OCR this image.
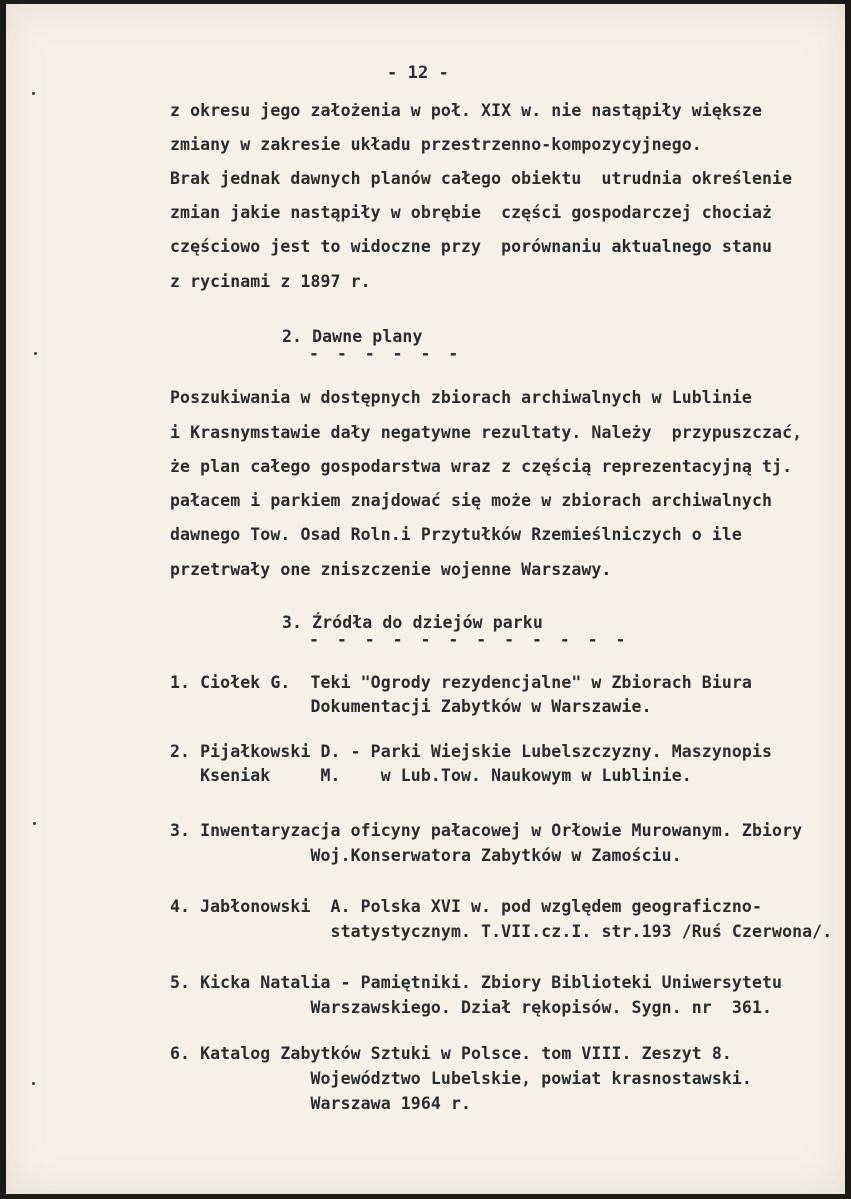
- 12 -
z okresu jego założenia w poł. XIX w. nie nastąpiły większe
zmiany w zakresie układu przestrzenno-kompozycyjnego.
Brak jednak dawnych planów całego obiektu  utrudnia określenie
zmian jakie nastąpiły w obrębie  części gospodarczej chociaż
częściowo jest to widoczne przy  porównaniu aktualnego stanu
z rycinami z 1897 r.
2. Dawne plany
- - - - - -
Poszukiwania w dostępnych zbiorach archiwalnych w Lublinie
i Krasnymstawie dały negatywne rezultaty. Należy  przypuszczać,
że plan całego gospodarstwa wraz z częścią reprezentacyjną tj.
pałacem i parkiem znajdować się może w zbiorach archiwalnych
dawnego Tow. Osad Roln.i Przytułków Rzemieślniczych o ile
przetrwały one zniszczenie wojenne Warszawy.
3. Źródła do dziejów parku
- - - - - - - - - - - -
1. Ciołek G.  Teki "Ogrody rezydencjalne" w Zbiorach Biura
Dokumentacji Zabytków w Warszawie.
2. Pijałkowski D. - Parki Wiejskie Lubelszczyzny. Maszynopis
Kseniak     M.    w Lub.Tow. Naukowym w Lublinie.
3. Inwentaryzacja oficyny pałacowej w Orłowie Murowanym. Zbiory
Woj.Konserwatora Zabytków w Zamościu.
4. Jabłonowski  A. Polska XVI w. pod względem geograficzno-
statystycznym. T.VII.cz.I. str.193 /Ruś Czerwona/.
5. Kicka Natalia - Pamiętniki. Zbiory Biblioteki Uniwersytetu
Warszawskiego. Dział rękopisów. Sygn. nr  361.
6. Katalog Zabytków Sztuki w Polsce. tom VIII. Zeszyt 8.
Województwo Lubelskie, powiat krasnostawski.
Warszawa 1964 r.
